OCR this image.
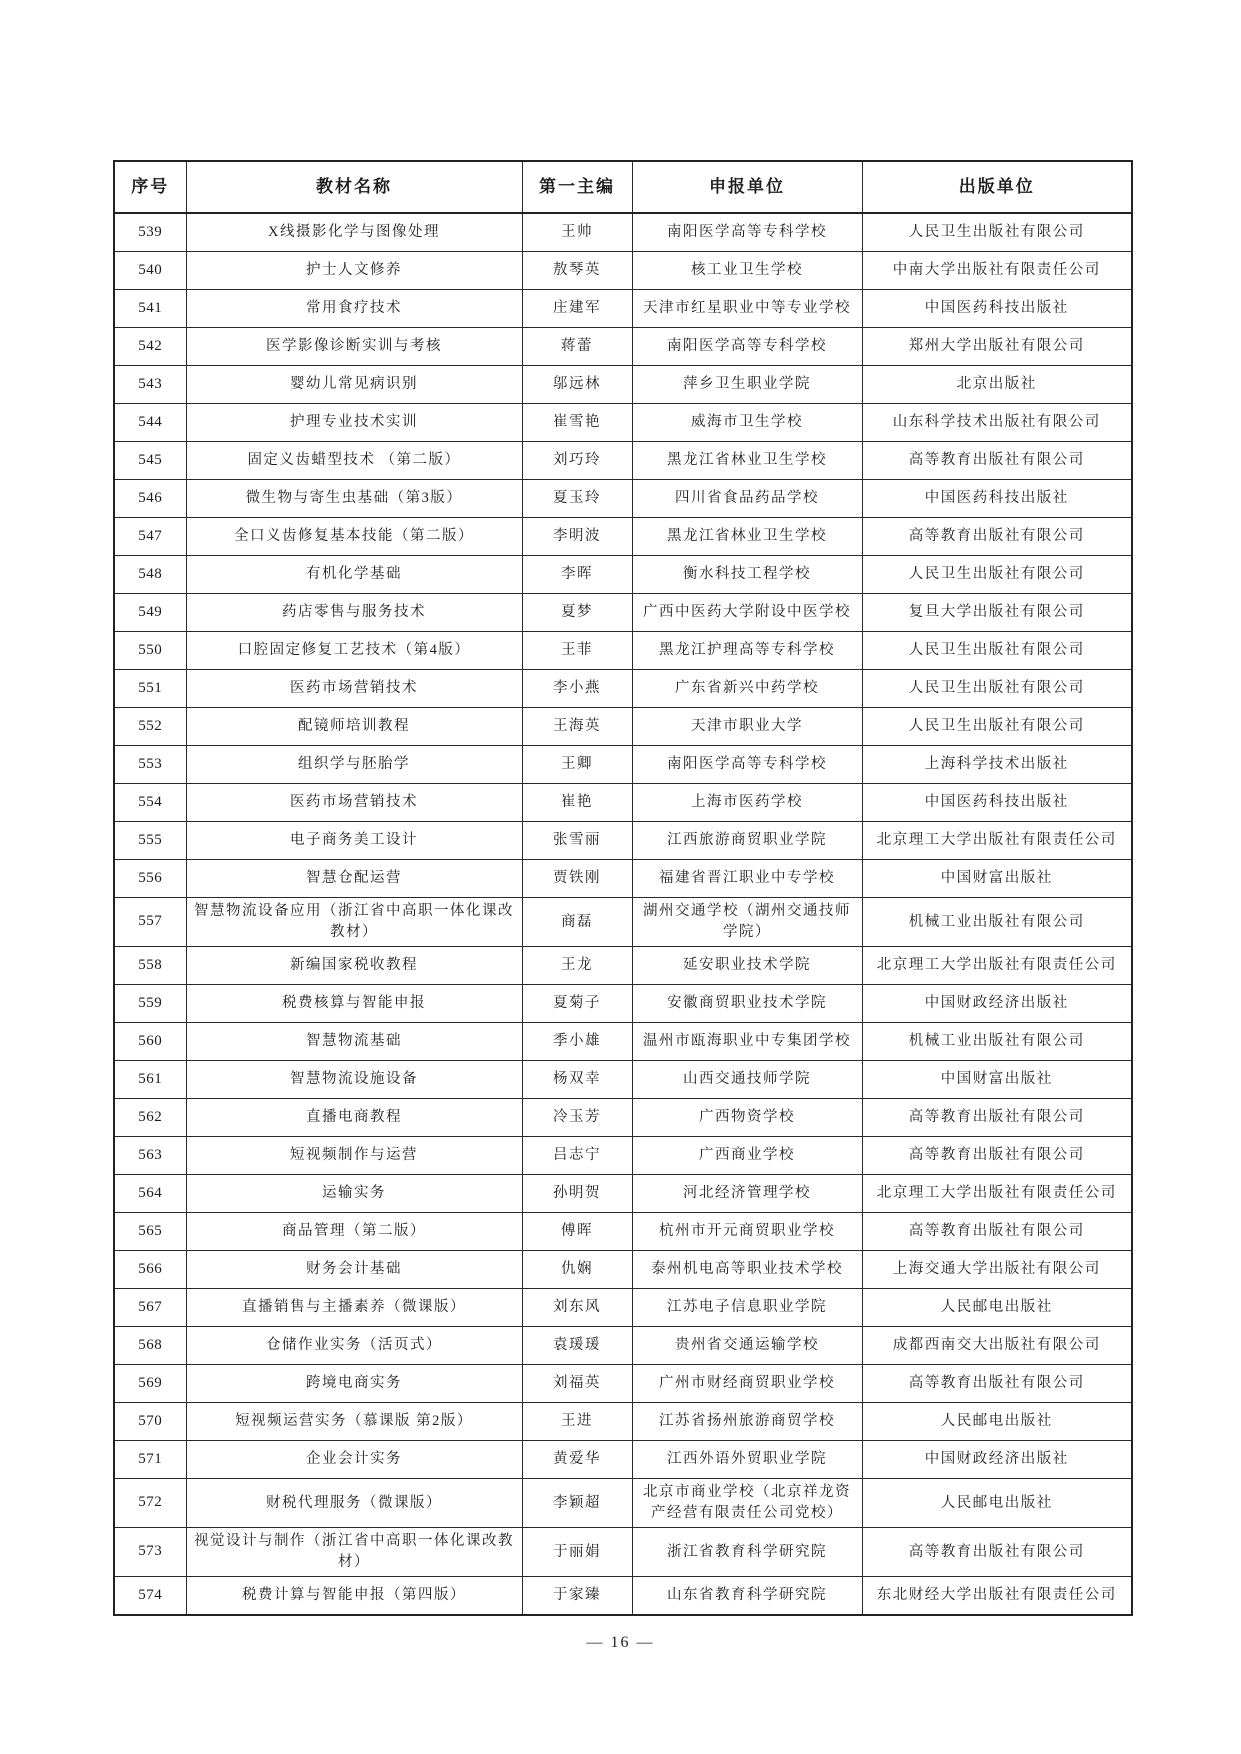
序号	教材名称	第一主编	申报单位	出版单位
539	X线摄影化学与图像处理	王帅	南阳医学高等专科学校	人民卫生出版社有限公司
540	护士人文修养	敖琴英	核工业卫生学校	中南大学出版社有限责任公司
541	常用食疗技术	庄建军	天津市红星职业中等专业学校	中国医药科技出版社
542	医学影像诊断实训与考核	蒋蕾	南阳医学高等专科学校	郑州大学出版社有限公司
543	婴幼儿常见病识别	邬远林	萍乡卫生职业学院	北京出版社
544	护理专业技术实训	崔雪艳	威海市卫生学校	山东科学技术出版社有限公司
545	固定义齿蜡型技术 （第二版）	刘巧玲	黑龙江省林业卫生学校	高等教育出版社有限公司
546	微生物与寄生虫基础（第3版）	夏玉玲	四川省食品药品学校	中国医药科技出版社
547	全口义齿修复基本技能（第二版）	李明波	黑龙江省林业卫生学校	高等教育出版社有限公司
548	有机化学基础	李晖	衡水科技工程学校	人民卫生出版社有限公司
549	药店零售与服务技术	夏梦	广西中医药大学附设中医学校	复旦大学出版社有限公司
550	口腔固定修复工艺技术（第4版）	王菲	黑龙江护理高等专科学校	人民卫生出版社有限公司
551	医药市场营销技术	李小燕	广东省新兴中药学校	人民卫生出版社有限公司
552	配镜师培训教程	王海英	天津市职业大学	人民卫生出版社有限公司
553	组织学与胚胎学	王卿	南阳医学高等专科学校	上海科学技术出版社
554	医药市场营销技术	崔艳	上海市医药学校	中国医药科技出版社
555	电子商务美工设计	张雪丽	江西旅游商贸职业学院	北京理工大学出版社有限责任公司
556	智慧仓配运营	贾铁刚	福建省晋江职业中专学校	中国财富出版社
557	智慧物流设备应用（浙江省中高职一体化课改教材）	商磊	湖州交通学校（湖州交通技师学院）	机械工业出版社有限公司
558	新编国家税收教程	王龙	延安职业技术学院	北京理工大学出版社有限责任公司
559	税费核算与智能申报	夏菊子	安徽商贸职业技术学院	中国财政经济出版社
560	智慧物流基础	季小雄	温州市瓯海职业中专集团学校	机械工业出版社有限公司
561	智慧物流设施设备	杨双幸	山西交通技师学院	中国财富出版社
562	直播电商教程	冷玉芳	广西物资学校	高等教育出版社有限公司
563	短视频制作与运营	吕志宁	广西商业学校	高等教育出版社有限公司
564	运输实务	孙明贺	河北经济管理学校	北京理工大学出版社有限责任公司
565	商品管理（第二版）	傅晖	杭州市开元商贸职业学校	高等教育出版社有限公司
566	财务会计基础	仇娴	泰州机电高等职业技术学校	上海交通大学出版社有限公司
567	直播销售与主播素养（微课版）	刘东风	江苏电子信息职业学院	人民邮电出版社
568	仓储作业实务（活页式）	袁瑗瑗	贵州省交通运输学校	成都西南交大出版社有限公司
569	跨境电商实务	刘福英	广州市财经商贸职业学校	高等教育出版社有限公司
570	短视频运营实务（慕课版 第2版）	王进	江苏省扬州旅游商贸学校	人民邮电出版社
571	企业会计实务	黄爱华	江西外语外贸职业学院	中国财政经济出版社
572	财税代理服务（微课版）	李颖超	北京市商业学校（北京祥龙资产经营有限责任公司党校）	人民邮电出版社
573	视觉设计与制作（浙江省中高职一体化课改教材）	于丽娟	浙江省教育科学研究院	高等教育出版社有限公司
574	税费计算与智能申报（第四版）	于家臻	山东省教育科学研究院	东北财经大学出版社有限责任公司
— 16 —
